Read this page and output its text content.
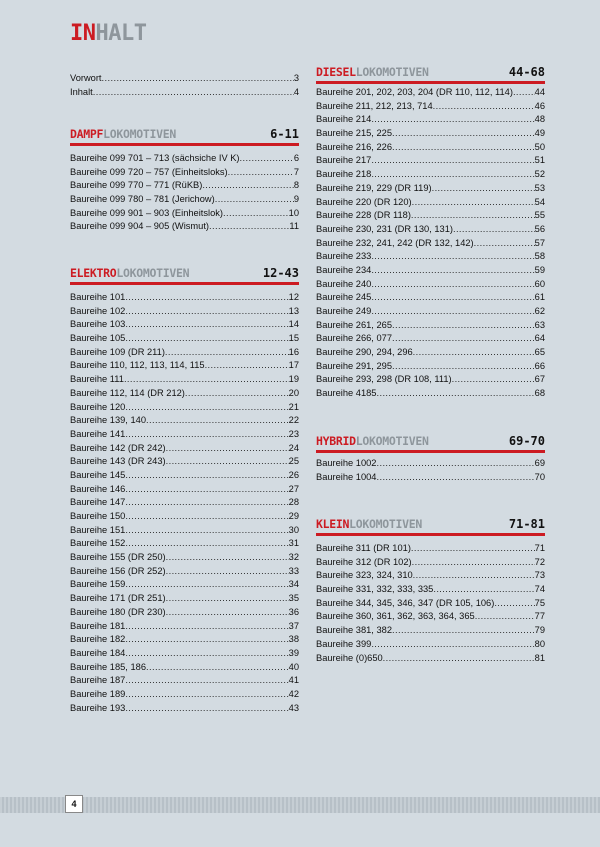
INHALT
Vorwort .....	3
Inhalt .....	4
DAMPFLOKOMOTIVEN	6-11
Baureihe 099 701 – 713 (sächsiche IV K) .....	6
Baureihe 099 720 – 757 (Einheitsloks) .....	7
Baureihe 099 770 – 771 (RüKB) .....	8
Baureihe 099 780 – 781 (Jerichow) .....	9
Baureihe 099 901 – 903 (Einheitslok) .....	10
Baureihe 099 904 – 905 (Wismut) .....	11
ELEKTROLOKOMOTIVEN	12-43
Baureihe 101 .....	12
Baureihe 102 .....	13
Baureihe 103 .....	14
Baureihe 105 .....	15
Baureihe 109 (DR 211) .....	16
Baureihe 110, 112, 113, 114, 115 .....	17
Baureihe 111 .....	19
Baureihe 112, 114 (DR 212) .....	20
Baureihe 120 .....	21
Baureihe 139, 140 .....	22
Baureihe 141 .....	23
Baureihe 142 (DR 242) .....	24
Baureihe 143 (DR 243) .....	25
Baureihe 145 .....	26
Baureihe 146 .....	27
Baureihe 147 .....	28
Baureihe 150 .....	29
Baureihe 151 .....	30
Baureihe 152 .....	31
Baureihe 155 (DR 250) .....	32
Baureihe 156 (DR 252) .....	33
Baureihe 159 .....	34
Baureihe 171 (DR 251) .....	35
Baureihe 180 (DR 230) .....	36
Baureihe 181 .....	37
Baureihe 182 .....	38
Baureihe 184 .....	39
Baureihe 185, 186 .....	40
Baureihe 187 .....	41
Baureihe 189 .....	42
Baureihe 193 .....	43
DIESELLOKOMOTIVEN	44-68
Baureihe 201, 202, 203, 204 (DR 110, 112, 114) ..... 44
Baureihe 211, 212, 213, 714 .....	46
Baureihe 214 .....	48
Baureihe 215, 225 .....	49
Baureihe 216, 226 .....	50
Baureihe 217 .....	51
Baureihe 218 .....	52
Baureihe 219, 229 (DR 119) .....	53
Baureihe 220 (DR 120) .....	54
Baureihe 228 (DR 118) .....	55
Baureihe 230, 231 (DR 130, 131) .....	56
Baureihe 232, 241, 242 (DR 132, 142) .....	57
Baureihe 233 .....	58
Baureihe 234 .....	59
Baureihe 240 .....	60
Baureihe 245 .....	61
Baureihe 249 .....	62
Baureihe 261, 265 .....	63
Baureihe 266, 077 .....	64
Baureihe 290, 294, 296 .....	65
Baureihe 291, 295 .....	66
Baureihe 293, 298 (DR 108, 111) .....	67
Baureihe 4185 .....	68
HYBRIDLOKOMOTIVEN	69-70
Baureihe 1002 .....	69
Baureihe 1004 .....	70
KLEINLOKOMOTIVEN	71-81
Baureihe 311 (DR 101) .....	71
Baureihe 312 (DR 102) .....	72
Baureihe 323, 324, 310 .....	73
Baureihe 331, 332, 333, 335 .....	74
Baureihe 344, 345, 346, 347 (DR 105, 106) .....	75
Baureihe 360, 361, 362, 363, 364, 365 .....	77
Baureihe 381, 382 .....	79
Baureihe 399 .....	80
Baureihe (0)650 .....	81
4
